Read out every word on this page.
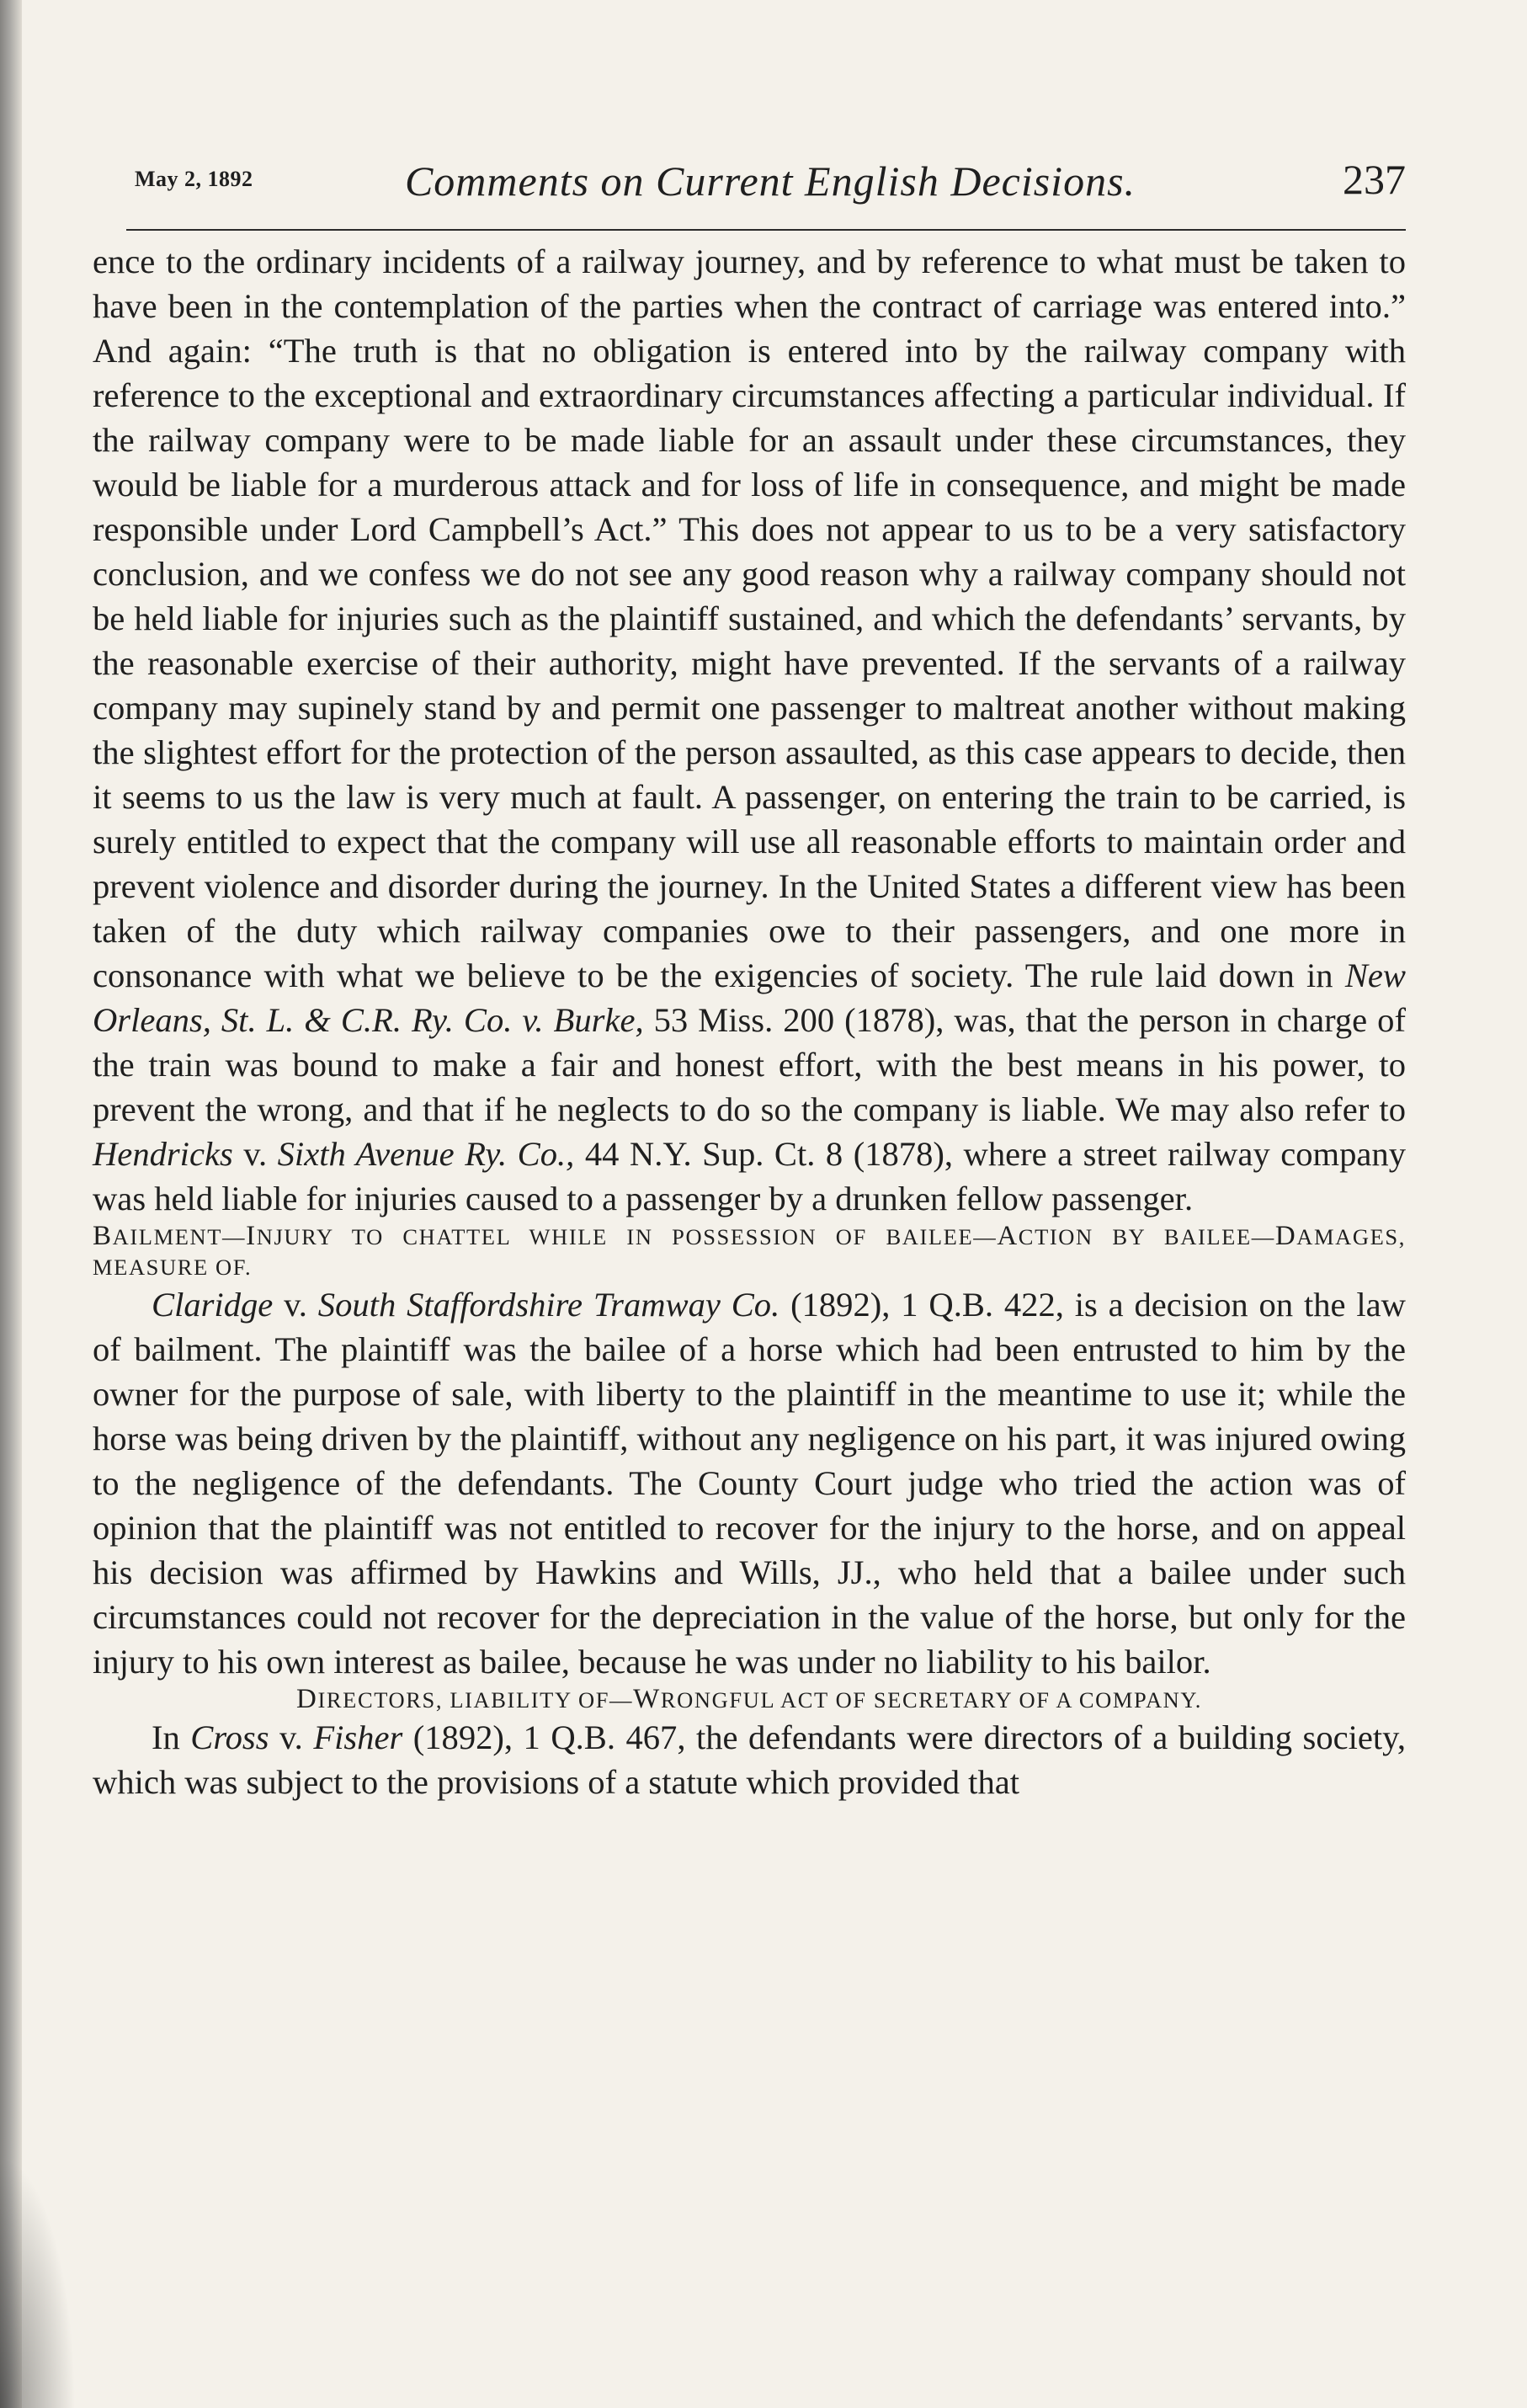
May 2, 1892	Comments on Current English Decisions.	237

ence to the ordinary incidents of a railway journey, and by reference to what must be taken to have been in the contemplation of the parties when the contract of carriage was entered into.” And again: “The truth is that no obligation is entered into by the railway company with reference to the exceptional and extraordinary circumstances affecting a particular individual. If the railway company were to be made liable for an assault under these circumstances, they would be liable for a murderous attack and for loss of life in consequence, and might be made responsible under Lord Campbell’s Act.” This does not appear to us to be a very satisfactory conclusion, and we confess we do not see any good reason why a railway company should not be held liable for injuries such as the plaintiff sustained, and which the defendants’ servants, by the reasonable exercise of their authority, might have prevented. If the servants of a railway company may supinely stand by and permit one passenger to maltreat another without making the slightest effort for the protection of the person assaulted, as this case appears to decide, then it seems to us the law is very much at fault. A passenger, on entering the train to be carried, is surely entitled to expect that the company will use all reasonable efforts to maintain order and prevent violence and disorder during the journey. In the United States a different view has been taken of the duty which railway companies owe to their passengers, and one more in consonance with what we believe to be the exigencies of society. The rule laid down in New Orleans, St. L. & C.R. Ry. Co. v. Burke, 53 Miss. 200 (1878), was, that the person in charge of the train was bound to make a fair and honest effort, with the best means in his power, to prevent the wrong, and that if he neglects to do so the company is liable. We may also refer to Hendricks v. Sixth Avenue Ry. Co., 44 N.Y. Sup. Ct. 8 (1878), where a street railway company was held liable for injuries caused to a passenger by a drunken fellow passenger.

BAILMENT—INJURY TO CHATTEL WHILE IN POSSESSION OF BAILEE—ACTION BY BAILEE—DAMAGES, MEASURE OF.

Claridge v. South Staffordshire Tramway Co. (1892), 1 Q.B. 422, is a decision on the law of bailment. The plaintiff was the bailee of a horse which had been entrusted to him by the owner for the purpose of sale, with liberty to the plaintiff in the meantime to use it; while the horse was being driven by the plaintiff, without any negligence on his part, it was injured owing to the negligence of the defendants. The County Court judge who tried the action was of opinion that the plaintiff was not entitled to recover for the injury to the horse, and on appeal his decision was affirmed by Hawkins and Wills, JJ., who held that a bailee under such circumstances could not recover for the depreciation in the value of the horse, but only for the injury to his own interest as bailee, because he was under no liability to his bailor.

DIRECTORS, LIABILITY OF—WRONGFUL ACT OF SECRETARY OF A COMPANY.

In Cross v. Fisher (1892), 1 Q.B. 467, the defendants were directors of a building society, which was subject to the provisions of a statute which provided that
